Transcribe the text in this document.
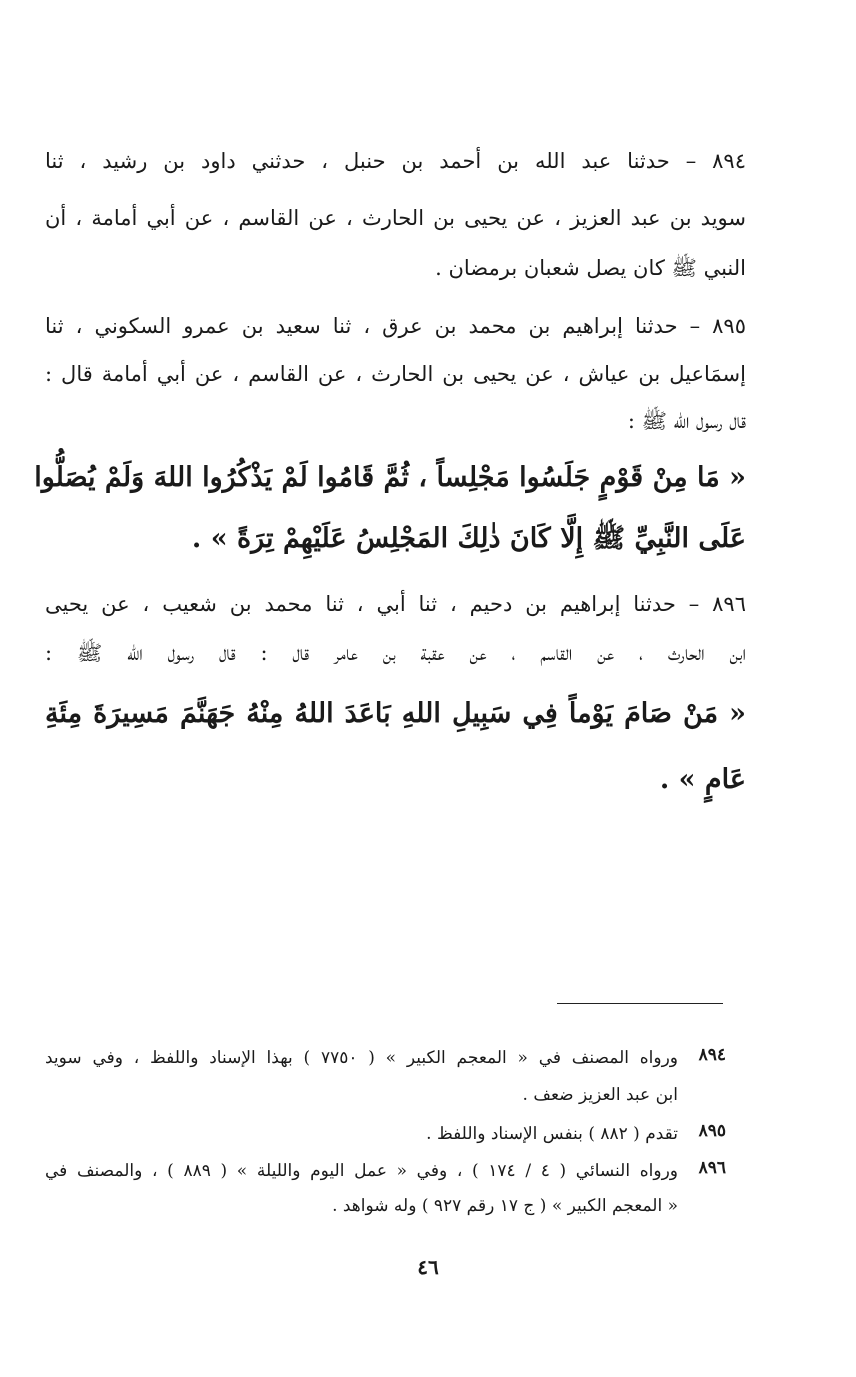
٨٩٤ – حدثنا عبد الله بن أحمد بن حنبل ، حدثني داود بن رشيد ، ثنا
سويد بن عبد العزيز ، عن يحيى بن الحارث ، عن القاسم ، عن أبي أمامة ، أن
النبي ﷺ كان يصل شعبان برمضان .
٨٩٥ – حدثنا إبراهيم بن محمد بن عرق ، ثنا سعيد بن عمرو السكوني ، ثنا
إسمَاعيل بن عياش ، عن يحيى بن الحارث ، عن القاسم ، عن أبي أمامة قال :
قال رسول الله ﷺ :
« مَا مِنْ قَوْمٍ جَلَسُوا مَجْلِساً ، ثُمَّ قَامُوا لَمْ يَذْكُرُوا اللهَ وَلَمْ يُصَلُّوا
عَلَى النَّبِيِّ ﷺ إِلَّا كَانَ ذٰلِكَ المَجْلِسُ عَلَيْهِمْ تِرَةً » .
٨٩٦ – حدثنا إبراهيم بن دحيم ، ثنا أبي ، ثنا محمد بن شعيب ، عن يحيى
ابن الحارث ، عن القاسم ، عن عقبة بن عامر قال : قال رسول الله ﷺ :
« مَنْ صَامَ يَوْماً فِي سَبِيلِ اللهِ بَاعَدَ اللهُ مِنْهُ جَهَنَّمَ مَسِيرَةَ مِئَةِ
عَامٍ » .
٨٩٤
ورواه المصنف في « المعجم الكبير » ( ٧٧٥٠ ) بهذا الإسناد واللفظ ، وفي سويد
ابن عبد العزيز ضعف .
٨٩٥
تقدم ( ٨٨٢ ) بنفس الإسناد واللفظ .
٨٩٦
ورواه النسائي ( ٤ / ١٧٤ ) ، وفي « عمل اليوم والليلة » ( ٨٨٩ ) ، والمصنف في
« المعجم الكبير » ( ج ١٧ رقم ٩٢٧ ) وله شواهد .
٤٦
